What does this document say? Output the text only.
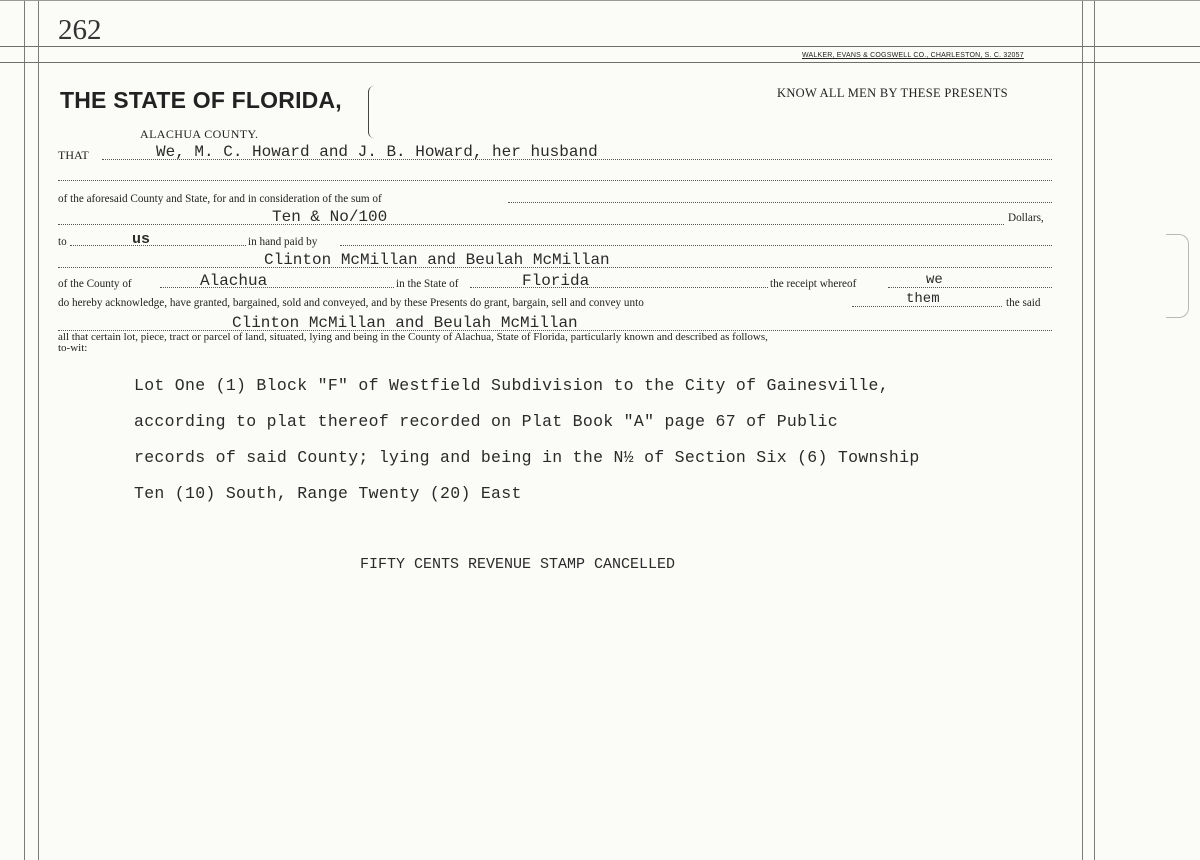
262
WALKER, EVANS & COGSWELL CO., CHARLESTON, S. C. 32057
THE STATE OF FLORIDA,
ALACHUA COUNTY.
KNOW ALL MEN BY THESE PRESENTS
THAT	We, M. C. Howard and J. B. Howard, her husband
of the aforesaid County and State, for and in consideration of the sum of
Ten & No/100	Dollars,
to	us	in hand paid by
Clinton McMillan and Beulah McMillan
of the County of	Alachua	in the State of	Florida	the receipt whereof	we
do hereby acknowledge, have granted, bargained, sold and conveyed, and by these Presents do grant, bargain, sell and convey unto	them	the said
Clinton McMillan and Beulah McMillan
all that certain lot, piece, tract or parcel of land, situated, lying and being in the County of Alachua, State of Florida, particularly known and described as follows,
to-wit:
Lot One (1) Block "F" of Westfield Subdivision to the City of Gainesville,
according to plat thereof recorded on Plat Book "A" page 67 of Public
records of said County; lying and being in the N½ of Section Six (6) Township
Ten (10) South, Range Twenty (20) East
FIFTY CENTS REVENUE STAMP CANCELLED
